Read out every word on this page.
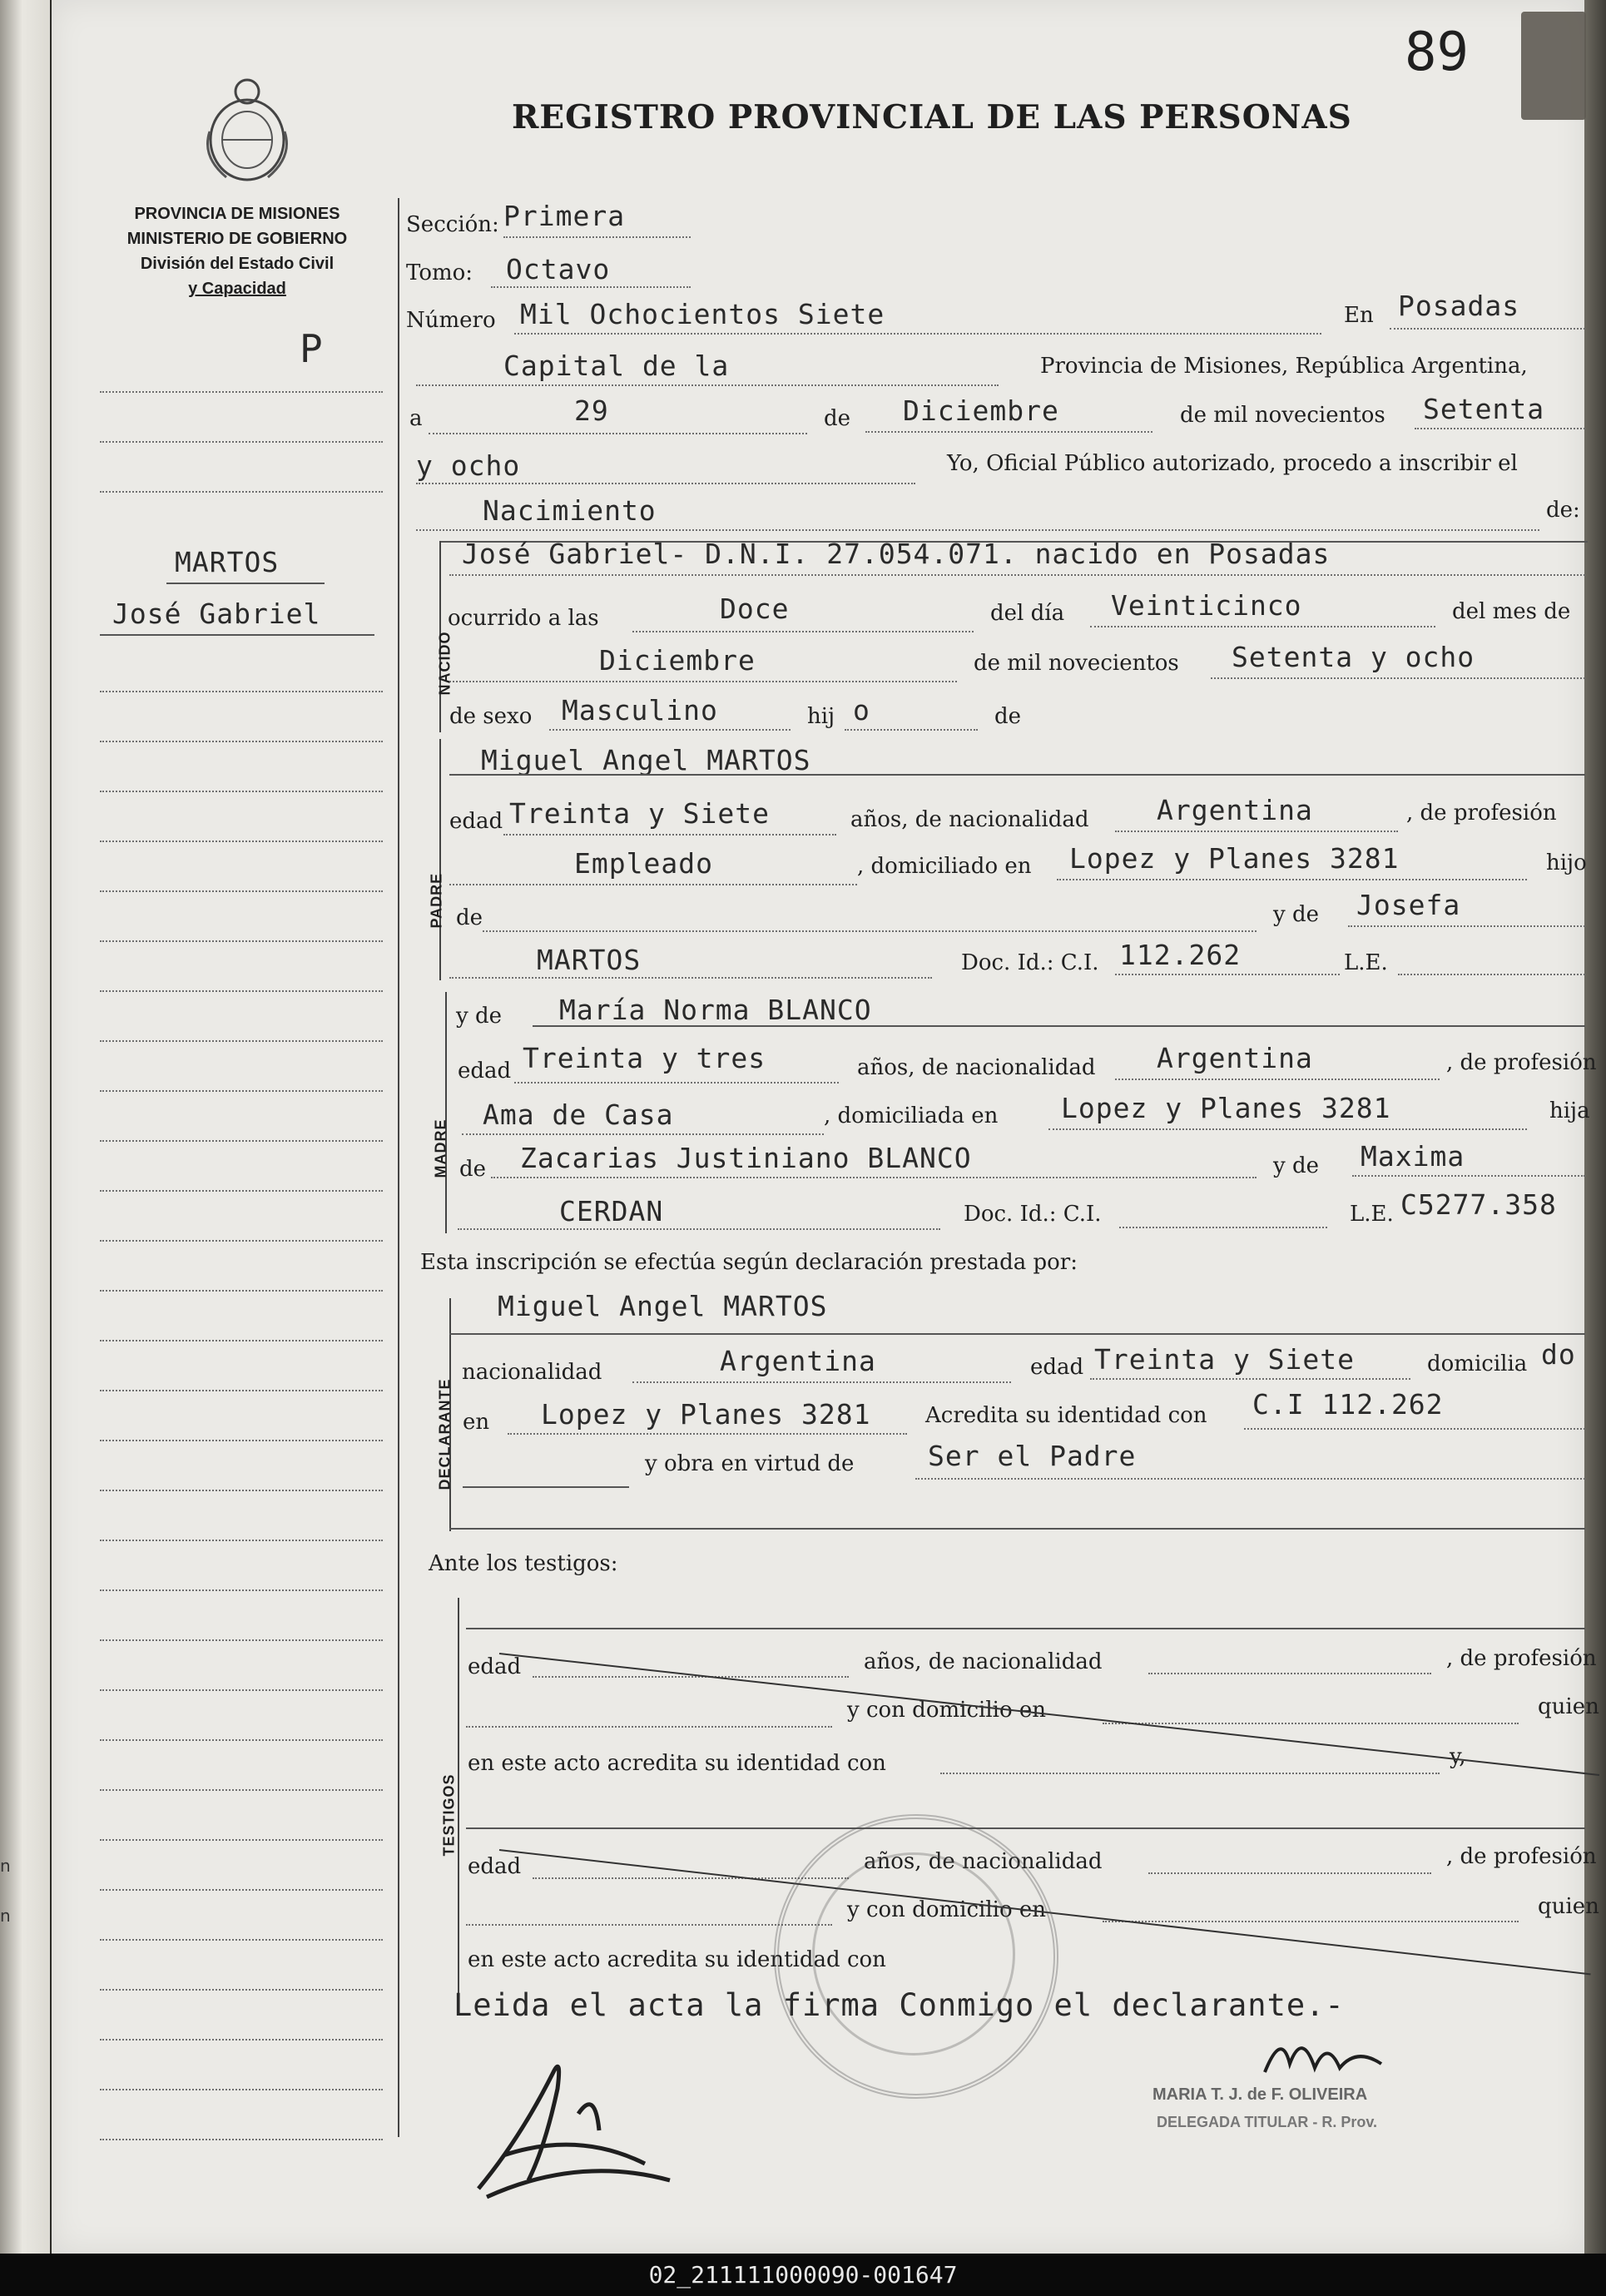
n
n
89
REGISTRO PROVINCIAL DE LAS PERSONAS
PROVINCIA DE MISIONES
MINISTERIO DE GOBIERNO
División del Estado Civil
y Capacidad
P
MARTOS
José Gabriel
Sección: Primera
Tomo: Octavo
Número Mil Ochocientos Siete	En Posadas
Capital de la	Provincia de Misiones, República Argentina,
a	29	de Diciembre	de mil novecientos Setenta
y ocho	Yo, Oficial Público autorizado, procedo a inscribir el
Nacimiento	de:
NACIDO
José Gabriel- D.N.I. 27.054.071. nacido en Posadas
ocurrido a las	Doce	del día Veinticinco	del mes de
Diciembre	de mil novecientos Setenta y ocho
de sexo Masculino	hij o	de
PADRE
Miguel Angel MARTOS
edad Treinta y Siete	años, de nacionalidad Argentina	, de profesión
Empleado	, domiciliado en Lopez y Planes 3281	hijo
de	y de Josefa
MARTOS	Doc. Id.: C.I. 112.262	L.E.
MADRE
y de María Norma BLANCO
edad Treinta y tres	años, de nacionalidad Argentina	, de profesión
Ama de Casa	, domiciliada en Lopez y Planes 3281	hija
de Zacarias Justiniano BLANCO	y de Maxima
CERDAN	Doc. Id.: C.I.	L.E. C5277.358
Esta inscripción se efectúa según declaración prestada por:
DECLARANTE
Miguel Angel MARTOS
nacionalidad	Argentina	edad Treinta y Siete	domicilia do
en Lopez y Planes 3281	Acredita su identidad con C.I 112.262
y obra en virtud de	Ser el Padre
Ante los testigos:
TESTIGOS
edad	años, de nacionalidad	, de profesión
y con domicilio en	quien
en este acto acredita su identidad con	y,
edad	años, de nacionalidad	, de profesión
y con domicilio en	quien
en este acto acredita su identidad con
Leida el acta la firma Conmigo el declarante.-
MARIA T. J. de F. OLIVEIRA
DELEGADA TITULAR - R. Prov.
02_211111000090-001647
